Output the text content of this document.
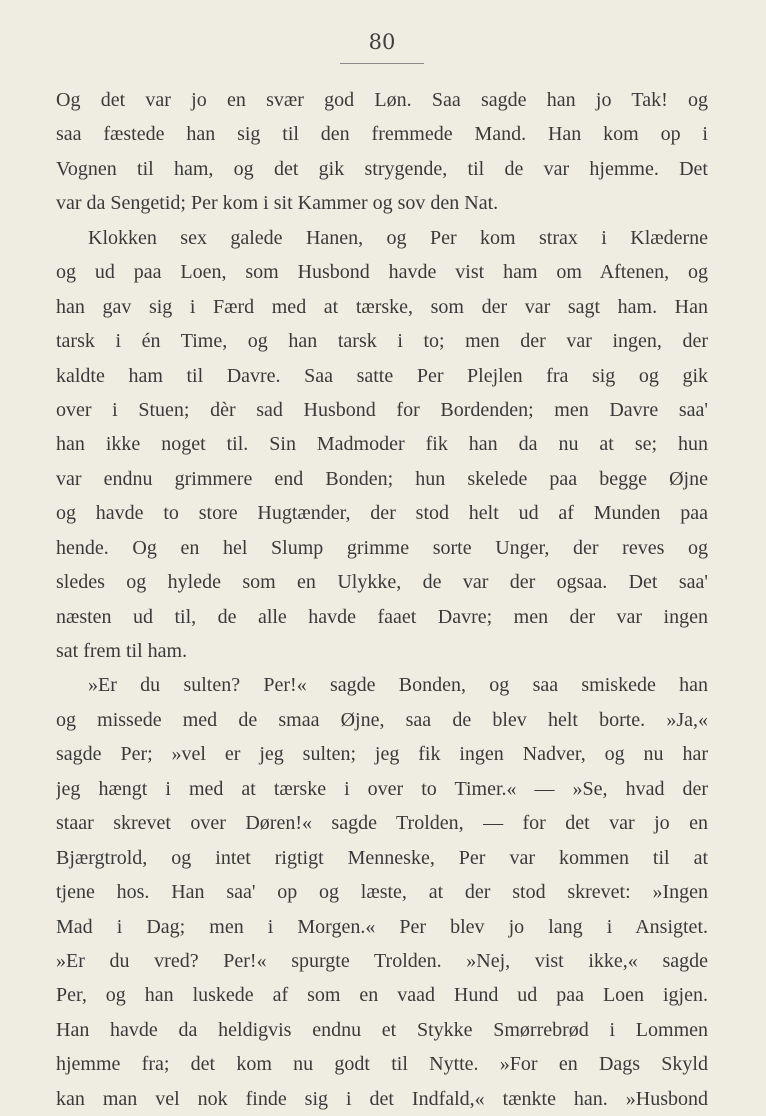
80
Og det var jo en svær god Løn. Saa sagde han jo Tak! og
saa fæstede han sig til den fremmede Mand. Han kom op i
Vognen til ham, og det gik strygende, til de var hjemme. Det
var da Sengetid; Per kom i sit Kammer og sov den Nat.
Klokken sex galede Hanen, og Per kom strax i Klæderne
og ud paa Loen, som Husbond havde vist ham om Aftenen, og
han gav sig i Færd med at tærske, som der var sagt ham. Han
tarsk i én Time, og han tarsk i to; men der var ingen, der
kaldte ham til Davre. Saa satte Per Plejlen fra sig og gik
over i Stuen; dèr sad Husbond for Bordenden; men Davre saa'
han ikke noget til. Sin Madmoder fik han da nu at se; hun
var endnu grimmere end Bonden; hun skelede paa begge Øjne
og havde to store Hugtænder, der stod helt ud af Munden paa
hende. Og en hel Slump grimme sorte Unger, der reves og
sledes og hylede som en Ulykke, de var der ogsaa. Det saa'
næsten ud til, de alle havde faaet Davre; men der var ingen
sat frem til ham.
»Er du sulten? Per!« sagde Bonden, og saa smiskede han
og missede med de smaa Øjne, saa de blev helt borte. »Ja,«
sagde Per; »vel er jeg sulten; jeg fik ingen Nadver, og nu har
jeg hængt i med at tærske i over to Timer.« — »Se, hvad der
staar skrevet over Døren!« sagde Trolden, — for det var jo en
Bjærgtrold, og intet rigtigt Menneske, Per var kommen til at
tjene hos. Han saa' op og læste, at der stod skrevet: »Ingen
Mad i Dag; men i Morgen.« Per blev jo lang i Ansigtet.
»Er du vred? Per!« spurgte Trolden. »Nej, vist ikke,« sagde
Per, og han luskede af som en vaad Hund ud paa Loen igjen.
Han havde da heldigvis endnu et Stykke Smørrebrød i Lommen
hjemme fra; det kom nu godt til Nytte. »For en Dags Skyld
kan man vel nok finde sig i det Indfald,« tænkte han. »Husbond
